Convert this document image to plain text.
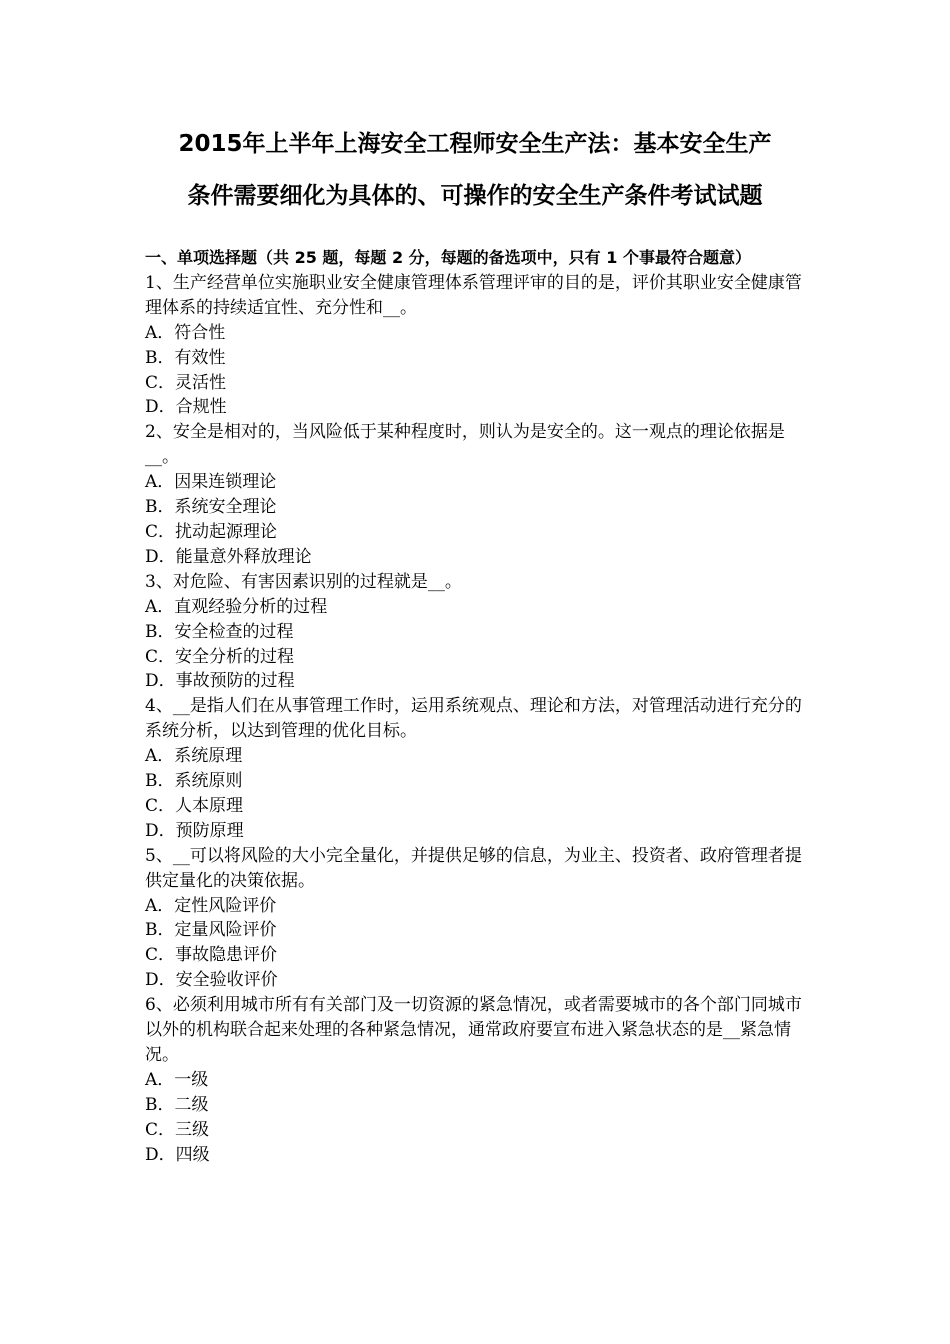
2015年上半年上海安全工程师安全生产法：基本安全生产
条件需要细化为具体的、可操作的安全生产条件考试试题
一、单项选择题（共 25 题，每题 2 分，每题的备选项中，只有 1 个事最符合题意）
1、生产经营单位实施职业安全健康管理体系管理评审的目的是，评价其职业安全健康管理体系的持续适宜性、充分性和__。
A．符合性
B．有效性
C．灵活性
D．合规性
2、安全是相对的，当风险低于某种程度时，则认为是安全的。这一观点的理论依据是__。
A．因果连锁理论
B．系统安全理论
C．扰动起源理论
D．能量意外释放理论
3、对危险、有害因素识别的过程就是__。
A．直观经验分析的过程
B．安全检查的过程
C．安全分析的过程
D．事故预防的过程
4、__是指人们在从事管理工作时，运用系统观点、理论和方法，对管理活动进行充分的系统分析，以达到管理的优化目标。
A．系统原理
B．系统原则
C．人本原理
D．预防原理
5、__可以将风险的大小完全量化，并提供足够的信息，为业主、投资者、政府管理者提供定量化的决策依据。
A．定性风险评价
B．定量风险评价
C．事故隐患评价
D．安全验收评价
6、必须利用城市所有有关部门及一切资源的紧急情况，或者需要城市的各个部门同城市以外的机构联合起来处理的各种紧急情况，通常政府要宣布进入紧急状态的是__紧急情况。
A．一级
B．二级
C．三级
D．四级
